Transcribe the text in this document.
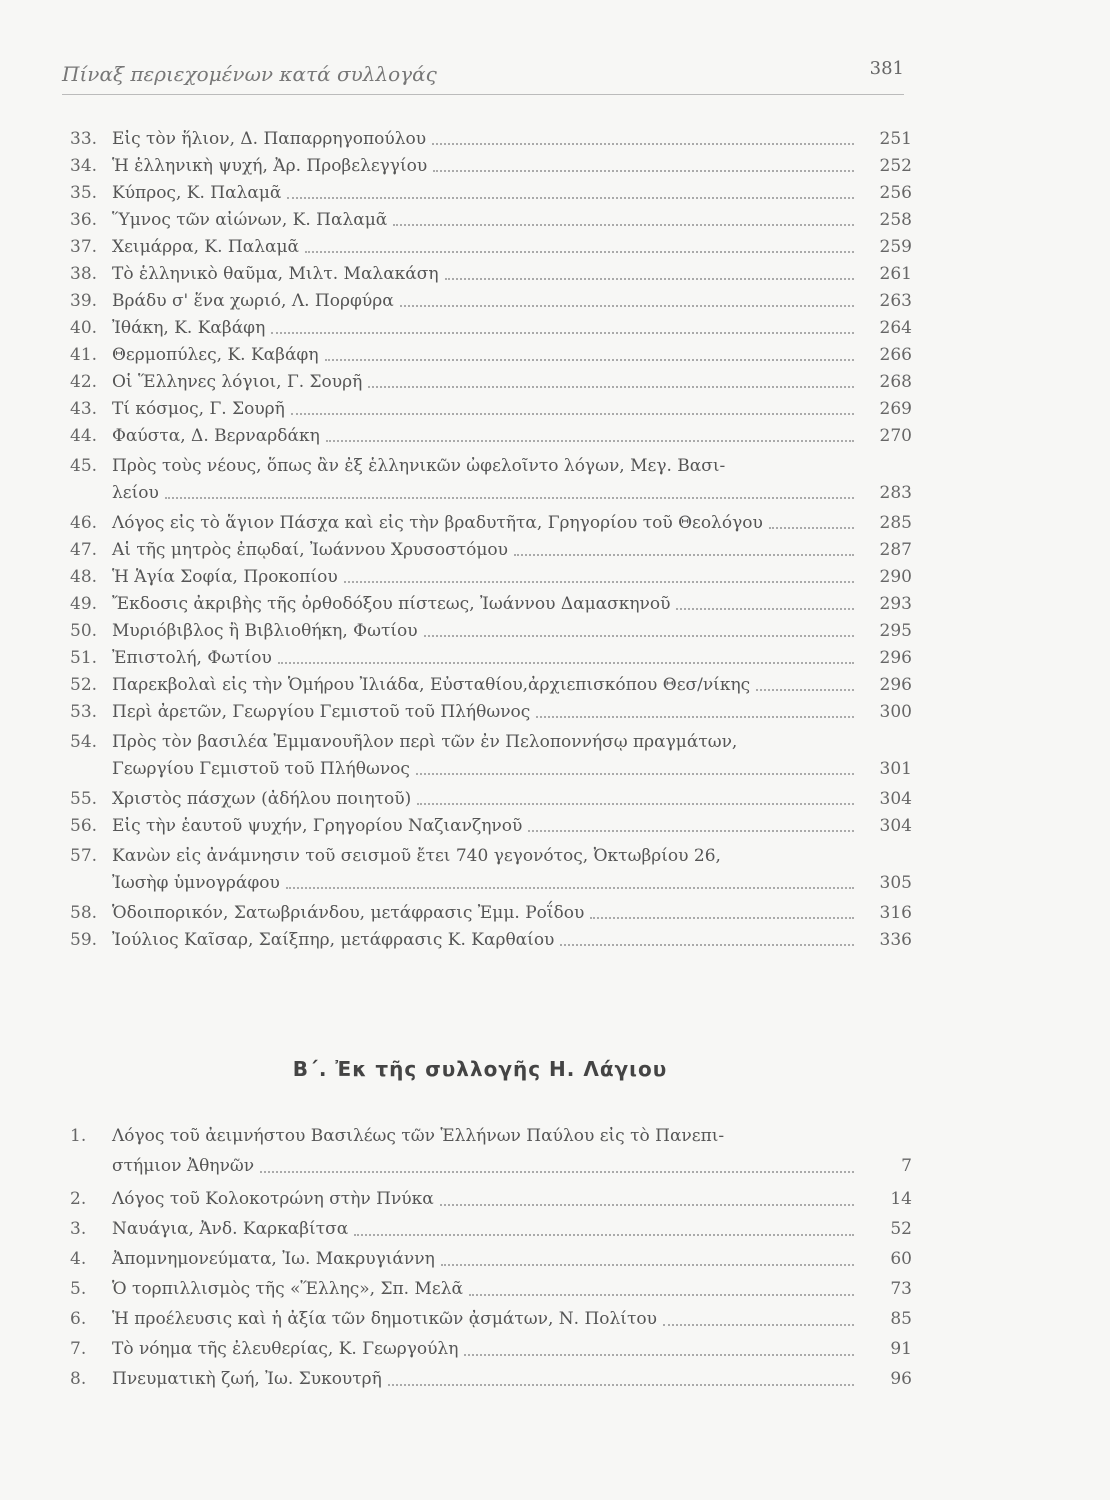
Πίναξ περιεχομένων κατά συλλογάς	381
33. Εἰς τὸν ἥλιον, Δ. Παπαρρηγοπούλου	251
34. Ἡ ἑλληνικὴ ψυχή, Ἀρ. Προβελεγγίου	252
35. Κύπρος, Κ. Παλαμᾶ	256
36. Ὕμνος τῶν αἰώνων, Κ. Παλαμᾶ	258
37. Χειμάρρα, Κ. Παλαμᾶ	259
38. Τὸ ἑλληνικὸ θαῦμα, Μιλτ. Μαλακάση	261
39. Βράδυ σ' ἕνα χωριό, Λ. Πορφύρα	263
40. Ἰθάκη, Κ. Καβάφη	264
41. Θερμοπύλες, Κ. Καβάφη	266
42. Οἱ Ἕλληνες λόγιοι, Γ. Σουρῆ	268
43. Τί κόσμος, Γ. Σουρῆ	269
44. Φαύστα, Δ. Βερναρδάκη	270
45. Πρὸς τοὺς νέους, ὅπως ἂν ἐξ ἑλληνικῶν ὠφελοῖντο λόγων, Μεγ. Βασι-
λείου	283
46. Λόγος εἰς τὸ ἅγιον Πάσχα καὶ εἰς τὴν βραδυτῆτα, Γρηγορίου τοῦ Θεολόγου	285
47. Αἱ τῆς μητρὸς ἐπῳδαί, Ἰωάννου Χρυσοστόμου	287
48. Ἡ Ἁγία Σοφία, Προκοπίου	290
49. Ἔκδοσις ἀκριβὴς τῆς ὀρθοδόξου πίστεως, Ἰωάννου Δαμασκηνοῦ	293
50. Μυριόβιβλος ἢ Βιβλιοθήκη, Φωτίου	295
51. Ἐπιστολή, Φωτίου	296
52. Παρεκβολαὶ εἰς τὴν Ὁμήρου Ἰλιάδα, Εὐσταθίου,ἀρχιεπισκόπου Θεσ/νίκης	296
53. Περὶ ἀρετῶν, Γεωργίου Γεμιστοῦ τοῦ Πλήθωνος	300
54. Πρὸς τὸν βασιλέα Ἐμμανουῆλον περὶ τῶν ἐν Πελοποννήσῳ πραγμάτων,
Γεωργίου Γεμιστοῦ τοῦ Πλήθωνος	301
55. Χριστὸς πάσχων (ἀδήλου ποιητοῦ)	304
56. Εἰς τὴν ἑαυτοῦ ψυχήν, Γρηγορίου Ναζιανζηνοῦ	304
57. Κανὼν εἰς ἀνάμνησιν τοῦ σεισμοῦ ἔτει 740 γεγονότος, Ὀκτωβρίου 26,
Ἰωσὴφ ὑμνογράφου	305
58. Ὁδοιπορικόν, Σατωβριάνδου, μετάφρασις Ἐμμ. Ροΐδου	316
59. Ἰούλιος Καῖσαρ, Σαίξπηρ, μετάφρασις Κ. Καρθαίου	336
Β΄. Ἐκ τῆς συλλογῆς Η. Λάγιου
1.	Λόγος τοῦ ἀειμνήστου Βασιλέως τῶν Ἑλλήνων Παύλου εἰς τὸ Πανεπι-
στήμιον Ἀθηνῶν	7
2.	Λόγος τοῦ Κολοκοτρώνη στὴν Πνύκα	14
3.	Ναυάγια, Ἀνδ. Καρκαβίτσα	52
4.	Ἀπομνημονεύματα, Ἰω. Μακρυγιάννη	60
5.	Ὁ τορπιλλισμὸς τῆς «Ἕλλης», Σπ. Μελᾶ	73
6.	Ἡ προέλευσις καὶ ἡ ἀξία τῶν δημοτικῶν ᾀσμάτων, Ν. Πολίτου	85
7.	Τὸ νόημα τῆς ἐλευθερίας, Κ. Γεωργούλη	91
8.	Πνευματικὴ ζωή, Ἰω. Συκουτρῆ	96
